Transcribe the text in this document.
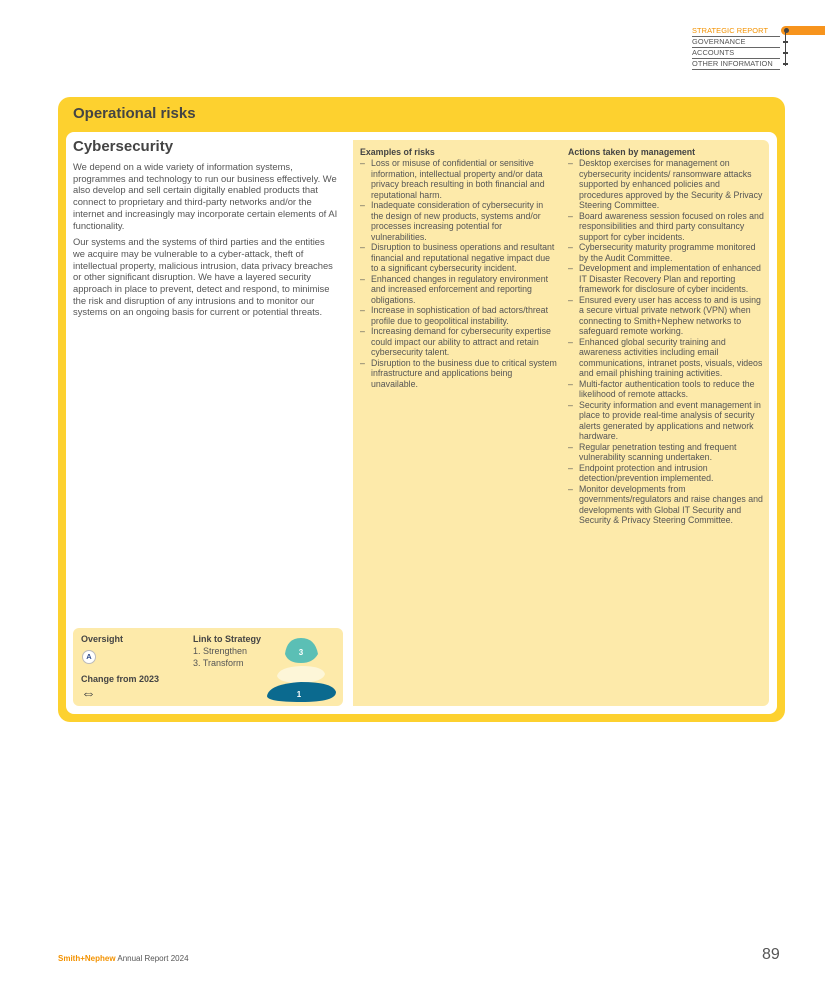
STRATEGIC REPORT
GOVERNANCE
ACCOUNTS
OTHER INFORMATION
Operational risks
Cybersecurity

We depend on a wide variety of information systems, programmes and technology to run our business effectively. We also develop and sell certain digitally enabled products that connect to proprietary and third-party networks and/or the internet and increasingly may incorporate certain elements of AI functionality.

Our systems and the systems of third parties and the entities we acquire may be vulnerable to a cyber-attack, theft of intellectual property, malicious intrusion, data privacy breaches or other significant disruption. We have a layered security approach in place to prevent, detect and respond, to minimise the risk and disruption of any intrusions and to monitor our systems on an ongoing basis for current or potential threats.

Oversight
A
Change from 2023
⇔
Link to Strategy
1. Strengthen
3. Transform
3
1
Examples of risks
– Loss or misuse of confidential or sensitive information, intellectual property and/or data privacy breach resulting in both financial and reputational harm.
– Inadequate consideration of cybersecurity in the design of new products, systems and/or processes increasing potential for vulnerabilities.
– Disruption to business operations and resultant financial and reputational negative impact due to a significant cybersecurity incident.
– Enhanced changes in regulatory environment and increased enforcement and reporting obligations.
– Increase in sophistication of bad actors/threat profile due to geopolitical instability.
– Increasing demand for cybersecurity expertise could impact our ability to attract and retain cybersecurity talent.
– Disruption to the business due to critical system infrastructure and applications being unavailable.
Actions taken by management
– Desktop exercises for management on cybersecurity incidents/ ransomware attacks supported by enhanced policies and procedures approved by the Security & Privacy Steering Committee.
– Board awareness session focused on roles and responsibilities and third party consultancy support for cyber incidents.
– Cybersecurity maturity programme monitored by the Audit Committee.
– Development and implementation of enhanced IT Disaster Recovery Plan and reporting framework for disclosure of cyber incidents.
– Ensured every user has access to and is using a secure virtual private network (VPN) when connecting to Smith+Nephew networks to safeguard remote working.
– Enhanced global security training and awareness activities including email communications, intranet posts, visuals, videos and email phishing training activities.
– Multi-factor authentication tools to reduce the likelihood of remote attacks.
– Security information and event management in place to provide real-time analysis of security alerts generated by applications and network hardware.
– Regular penetration testing and frequent vulnerability scanning undertaken.
– Endpoint protection and intrusion detection/prevention implemented.
– Monitor developments from governments/regulators and raise changes and developments with Global IT Security and Security & Privacy Steering Committee.
Smith+Nephew Annual Report 2024	89
